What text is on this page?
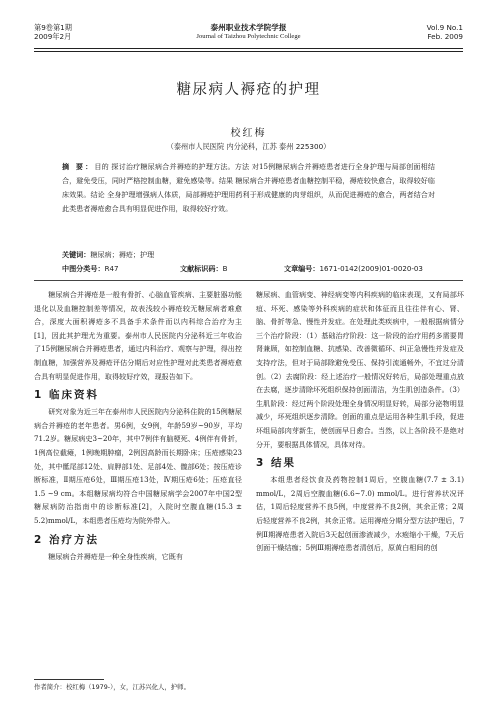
第9卷第1期
2009年2月
泰州职业技术学院学报
Journal of Taizhou Polytechnic College
Vol.9 No.1
Feb. 2009
糖尿病人褥疮的护理
校红梅
（泰州市人民医院 内分泌科，江苏 泰州 225300）
摘 要：目的 探讨治疗糖尿病合并褥疮的护理方法。方法 对15例糖尿病合并褥疮患者进行全身护理与局部创面相结合，避免受压，同时严格控制血糖，避免感染等。结果 糖尿病合并褥疮患者血糖控制平稳，褥疮较快愈合，取得较好临床效果。结论 全身护理增强病人体质，局部褥疮护理用药利于形成健康的肉芽组织，从而促进褥疮的愈合，两者结合对此类患者褥疮愈合具有明显促进作用，取得较好疗效。
关键词：糖尿病；褥疮；护理
中图分类号：R47	文献标识码：B	文章编号：1671-0142(2009)01-0020-03

糖尿病合并褥疮是一般有骨折、心脑血管疾病、主要脏器功能退化以及血糖控制差等情况，故表浅较小褥疮较无糖尿病者难愈合，深度大面积褥疮多不具备手术条件而以内科综合治疗为主[1]，因此其护理尤为重要。泰州市人民医院内分泌科近三年收治了15例糖尿病合并褥疮患者，通过内科治疗、观察与护理，得出控制血糖，加强营养及褥疮评估分期后对应性护理对此类患者褥疮愈合具有明显促进作用，取得较好疗效，现报告如下。

1 临床资料

研究对象为近三年在泰州市人民医院内分泌科住院的15例糖尿病合并褥疮的老年患者。男6例，女9例，年龄59岁~90岁，平均71.2岁。糖尿病史3~20年，其中7例伴有脑梗死、4例伴有骨折，1例高位截瘫，1例晚期肿瘤，2例因高龄而长期卧床；压疮感染23处，其中骶尾部12处、肩胛部1处、足部4处、髋部6处；按压疮诊断标准，Ⅱ期压疮6处，Ⅲ期压疮13处，Ⅳ期压疮6处；压疮直径1.5 ~9 cm。本组糖尿病均符合中国糖尿病学会2007年中国2型糖尿病防治指南中的诊断标准[2]，入院时空腹血糖(15.3 ± 5.2)mmol/L，本组患者压疮均为院外带入。

2 治疗方法

糖尿病合并褥疮是一种全身性疾病，它既有

糖尿病、血管病变、神经病变等内科疾病的临床表现，又有局部坏疽、坏死、感染等外科疾病的症状和体征而且往往伴有心、肾、脑、骨折等急、慢性并发症。在处理此类疾病中，一般根据病情分三个治疗阶段：（1）基础治疗阶段：这一阶段的治疗用药多需要胃肾兼顾，如控制血糖、抗感染、改善微循环、纠正急慢性并发症及支持疗法，但对于局部除避免受压、保持引流通畅外，不宜过分清创。（2）去腐阶段：经上述治疗一般情况好转后，局部处理重点放在去腐，逐步清除坏死组织保持创面清洁，为生肌创造条件。（3）生肌阶段：经过两个阶段处理全身情况明显好转，局部分泌物明显减少，坏死组织逐步清除。创面的重点是运用各种生肌手段，促进坏组局部肉芽新生，使创面早日愈合。当然，以上各阶段不是绝对分开，要根据具体情况，具体对待。

3 结果

本组患者经饮食及药物控制1周后，空腹血糖(7.7 ± 3.1) mmol/L，2周后空腹血糖(6.6~7.0) mmol/L。进行营养状况评估，1周后轻度营养不良5例，中度营养不良2例，其余正常；2周后轻度营养不良2例，其余正常。运用褥疮分期分型方法护理后，7例Ⅱ期褥疮患者入院后3天起创面渗液减少，水疱缩小干燥，7天后创面干燥结痂；5例Ⅲ期褥疮患者清创后，原黄白相间的创

作者简介：校红梅（1979-），女，江苏兴化人，护师。
